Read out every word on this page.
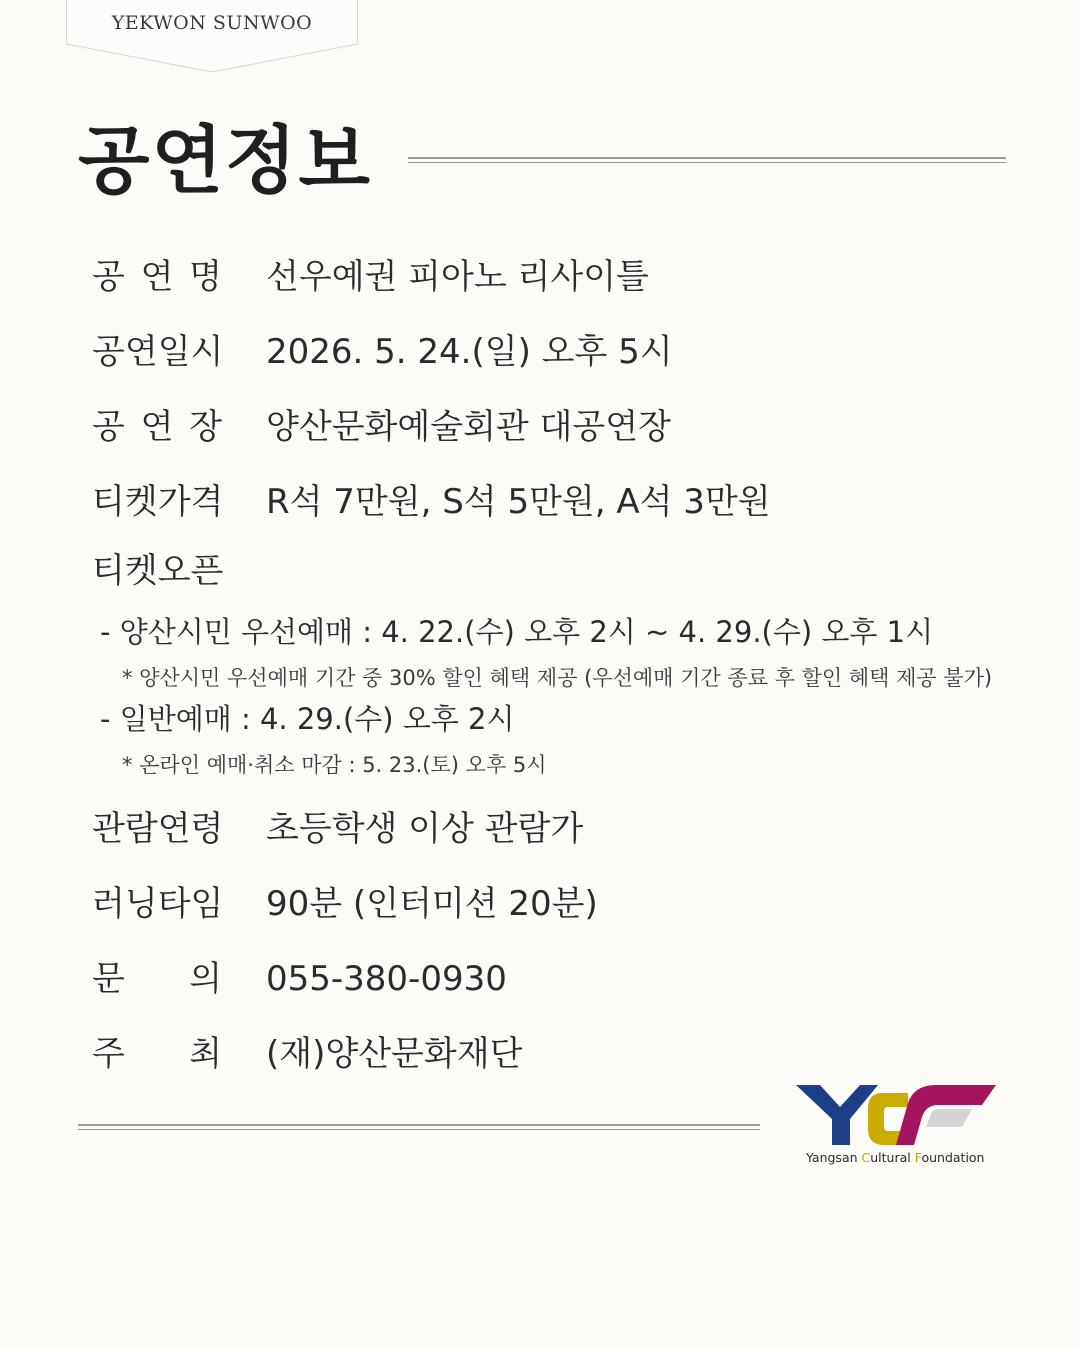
YEKWON SUNWOO
공연정보
공 연 명 선우예권 피아노 리사이틀
공연일시 2026. 5. 24.(일) 오후 5시
공 연 장 양산문화예술회관 대공연장
티켓가격 R석 7만원, S석 5만원, A석 3만원
티켓오픈
- 양산시민 우선예매 : 4. 22.(수) 오후 2시 ~ 4. 29.(수) 오후 1시
* 양산시민 우선예매 기간 중 30% 할인 혜택 제공 (우선예매 기간 종료 후 할인 혜택 제공 불가)
- 일반예매 : 4. 29.(수) 오후 2시
* 온라인 예매·취소 마감 : 5. 23.(토) 오후 5시
관람연령 초등학생 이상 관람가
러닝타임 90분 (인터미션 20분)
문 의 055-380-0930
주 최 (재)양산문화재단
Yangsan Cultural Foundation
